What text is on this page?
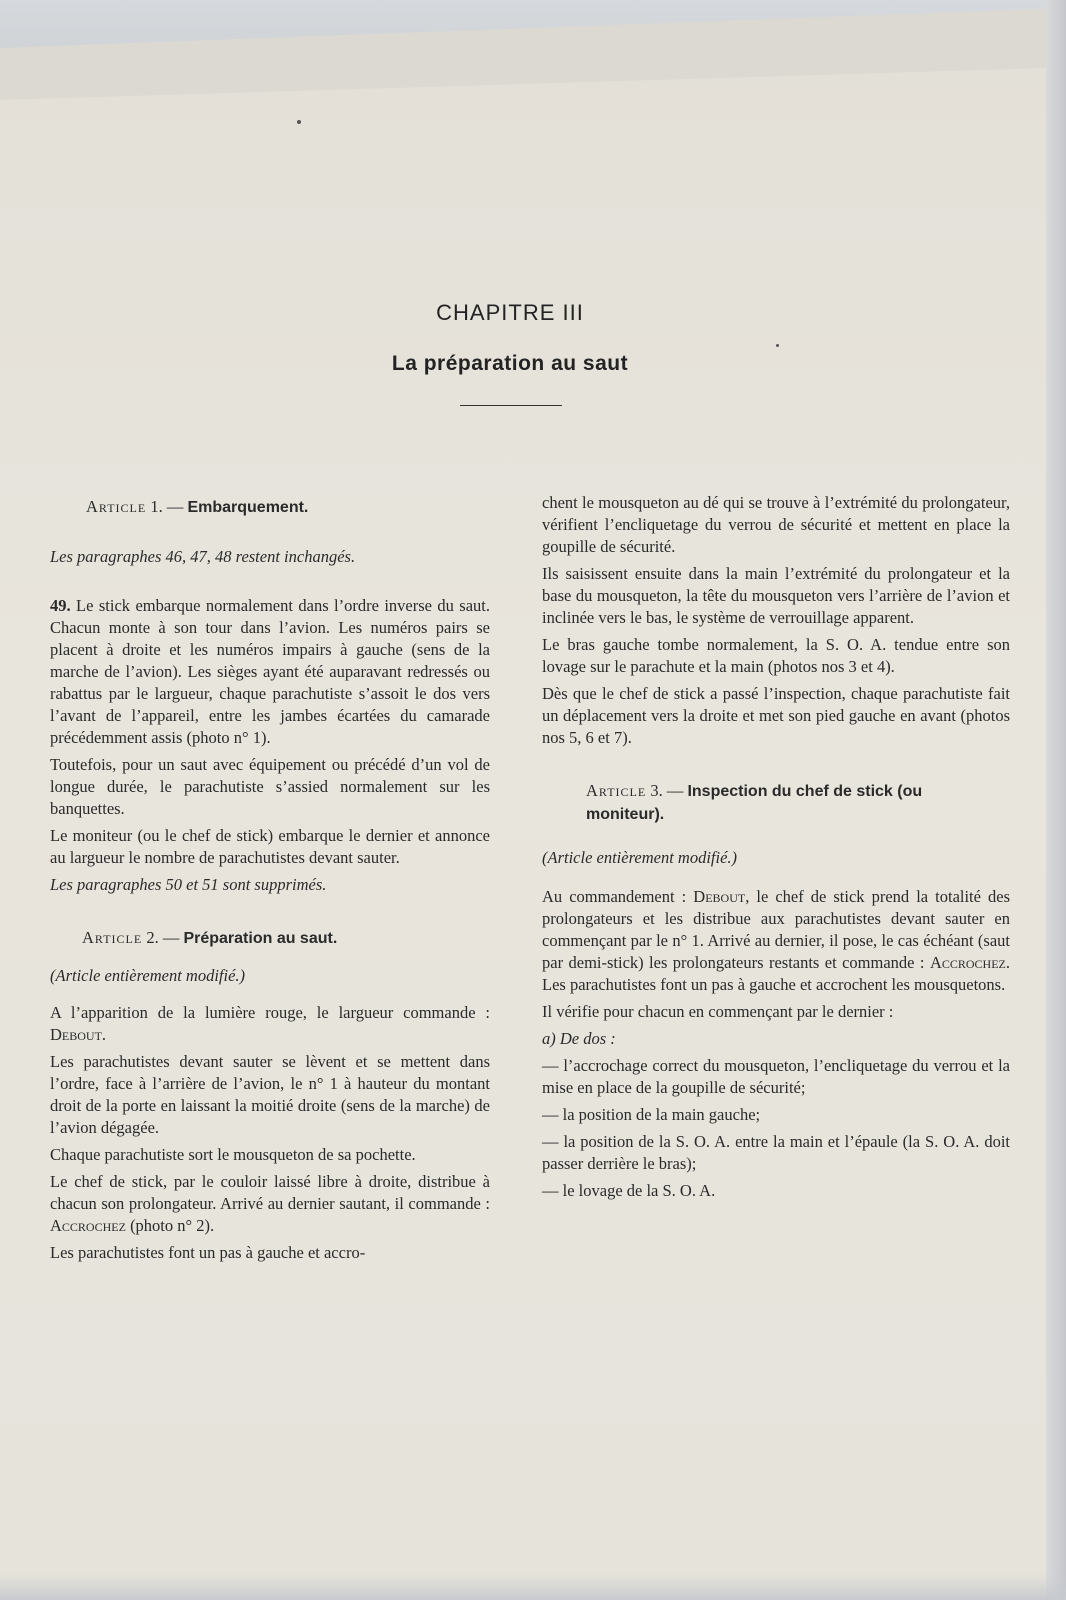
CHAPITRE III
La préparation au saut

Article 1. — Embarquement.

Les paragraphes 46, 47, 48 restent inchangés.

49. Le stick embarque normalement dans l’ordre inverse du saut. Chacun monte à son tour dans l’avion. Les numéros pairs se placent à droite et les numéros impairs à gauche (sens de la marche de l’avion). Les sièges ayant été auparavant redressés ou rabattus par le largueur, chaque parachutiste s’assoit le dos vers l’avant de l’appareil, entre les jambes écartées du camarade précédemment assis (photo n° 1).

Toutefois, pour un saut avec équipement ou précédé d’un vol de longue durée, le parachutiste s’assied normalement sur les banquettes.

Le moniteur (ou le chef de stick) embarque le dernier et annonce au largueur le nombre de parachutistes devant sauter.

Les paragraphes 50 et 51 sont supprimés.

Article 2. — Préparation au saut.

(Article entièrement modifié.)

A l’apparition de la lumière rouge, le largueur commande : Debout.

Les parachutistes devant sauter se lèvent et se mettent dans l’ordre, face à l’arrière de l’avion, le n° 1 à hauteur du montant droit de la porte en laissant la moitié droite (sens de la marche) de l’avion dégagée.

Chaque parachutiste sort le mousqueton de sa pochette.

Le chef de stick, par le couloir laissé libre à droite, distribue à chacun son prolongateur. Arrivé au dernier sautant, il commande : Accrochez (photo n° 2).

Les parachutistes font un pas à gauche et accro-

chent le mousqueton au dé qui se trouve à l’extrémité du prolongateur, vérifient l’encliquetage du verrou de sécurité et mettent en place la goupille de sécurité.

Ils saisissent ensuite dans la main l’extrémité du prolongateur et la base du mousqueton, la tête du mousqueton vers l’arrière de l’avion et inclinée vers le bas, le système de verrouillage apparent.

Le bras gauche tombe normalement, la S. O. A. tendue entre son lovage sur le parachute et la main (photos nos 3 et 4).

Dès que le chef de stick a passé l’inspection, chaque parachutiste fait un déplacement vers la droite et met son pied gauche en avant (photos nos 5, 6 et 7).

Article 3. — Inspection du chef de stick (ou moniteur).

(Article entièrement modifié.)

Au commandement : Debout, le chef de stick prend la totalité des prolongateurs et les distribue aux parachutistes devant sauter en commençant par le n° 1. Arrivé au dernier, il pose, le cas échéant (saut par demi-stick) les prolongateurs restants et commande : Accrochez. Les parachutistes font un pas à gauche et accrochent les mousquetons.

Il vérifie pour chacun en commençant par le dernier :

a) De dos :

— l’accrochage correct du mousqueton, l’encliquetage du verrou et la mise en place de la goupille de sécurité;

— la position de la main gauche;

— la position de la S. O. A. entre la main et l’épaule (la S. O. A. doit passer derrière le bras);

— le lovage de la S. O. A.
